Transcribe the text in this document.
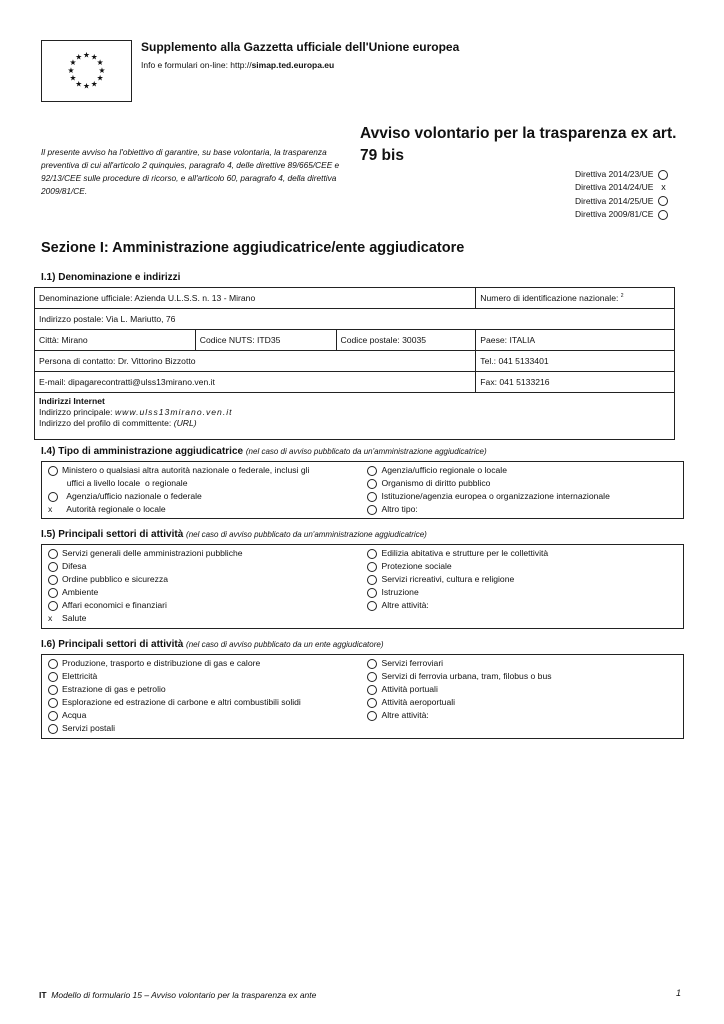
★ ★
★
★
★
★
★
★
★
★
★
★
Supplemento alla Gazzetta ufficiale dell'Unione europea
Info e formulari on-line: http://simap.ted.europa.eu
Il presente avviso ha l'obiettivo di garantire, su base volontaria, la trasparenza preventiva di cui all'articolo 2 quinquies, paragrafo 4, delle direttive 89/665/CEE e 92/13/CEE sulle procedure di ricorso, e all'articolo 60, paragrafo 4, della direttiva 2009/81/CE.
Avviso volontario per la trasparenza ex art. 79 bis
Direttiva 2014/23/UE
Direttiva 2014/24/UE x
Direttiva 2014/25/UE
Direttiva 2009/81/CE
Sezione I: Amministrazione aggiudicatrice/ente aggiudicatore
I.1) Denominazione e indirizzi
Denominazione ufficiale: Azienda U.L.S.S. n. 13 - Mirano			Numero di identificazione nazionale: $^2$
Indirizzo postale: Via L. Mariutto, 76			
Città: Mirano	Codice NUTS: ITD35	Codice postale: 30035	Paese: ITALIA
Persona di contatto: Dr. Vittorino Bizzotto			Tel.: 041 5133401
E-mail: dipagarecontratti@ulss13mirano.ven.it			Fax: 041 5133216

Indirizzi Internet
Indirizzo principale: www.ulss13mirano.ven.it
Indirizzo del profilo di committente: (URL)			
I.4) Tipo di amministrazione aggiudicatrice (nel caso di avviso pubblicato da un'amministrazione aggiudicatrice)
Ministero o qualsiasi altra autorità nazionale o federale, inclusi gli
uffici a livello locale  o regionale
Agenzia/ufficio nazionale o federale
x	Autorità regionale o locale
Agenzia/ufficio regionale o locale
Organismo di diritto pubblico
Istituzione/agenzia europea o organizzazione internazionale
Altro tipo:
I.5) Principali settori di attività (nel caso di avviso pubblicato da un'amministrazione aggiudicatrice)
Servizi generali delle amministrazioni pubbliche
Difesa
Ordine pubblico e sicurezza
Ambiente
Affari economici e finanziari
x	Salute
Edilizia abitativa e strutture per le collettività
Protezione sociale
Servizi ricreativi, cultura e religione
Istruzione
Altre attività:
I.6) Principali settori di attività (nel caso di avviso pubblicato da un ente aggiudicatore)
Produzione, trasporto e distribuzione di gas e calore
Elettricità
Estrazione di gas e petrolio
Esplorazione ed estrazione di carbone e altri combustibili solidi
Acqua
Servizi postali
Servizi ferroviari
Servizi di ferrovia urbana, tram, filobus o bus
Attività portuali
Attività aeroportuali
Altre attività:
IT Modello di formulario 15 – Avviso volontario per la trasparenza ex ante	1
